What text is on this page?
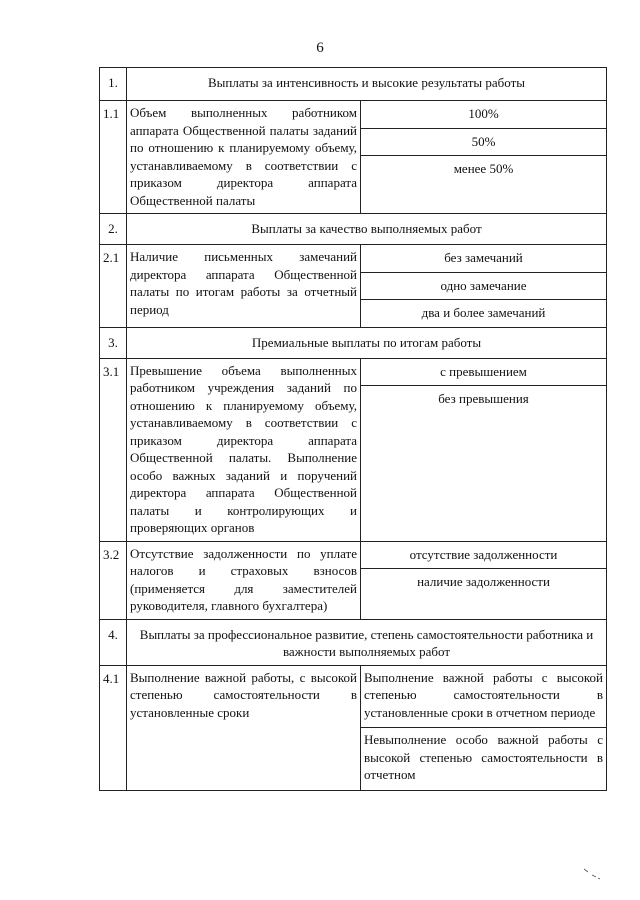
6
1.	Выплаты за интенсивность и высокие результаты работы	
1.1	Объем выполненных работником аппарата Общественной палаты заданий по отношению к планируемому объему, устанавливаемому в соответствии с приказом директора аппарата Общественной палаты	100%
50%
менее 50%

2.	Выплаты за качество выполняемых работ	
2.1	Наличие письменных замечаний директора аппарата Общественной палаты по итогам работы за отчетный период	без замечаний
одно замечание
два и более замечаний

3.	Премиальные выплаты по итогам работы	
3.1	Превышение объема выполненных работником учреждения заданий по отношению к планируемому объему, устанавливаемому в соответствии с приказом директора аппарата Общественной палаты. Выполнение особо важных заданий и поручений директора аппарата Общественной палаты и контролирующих и проверяющих органов	с превышением
без превышения

3.2	Отсутствие задолженности по уплате налогов и страховых взносов (применяется для заместителей руководителя, главного бухгалтера)	отсутствие задолженности
наличие задолженности

4.	Выплаты за профессиональное развитие, степень самостоятельности работника и важности выполняемых работ	
4.1	Выполнение важной работы, с высокой степенью самостоятельности в установленные сроки	Выполнение важной работы с высокой степенью самостоятельности в установленные сроки в отчетном периоде
Невыполнение особо важной работы с высокой степенью самостоятельности в отчетном
